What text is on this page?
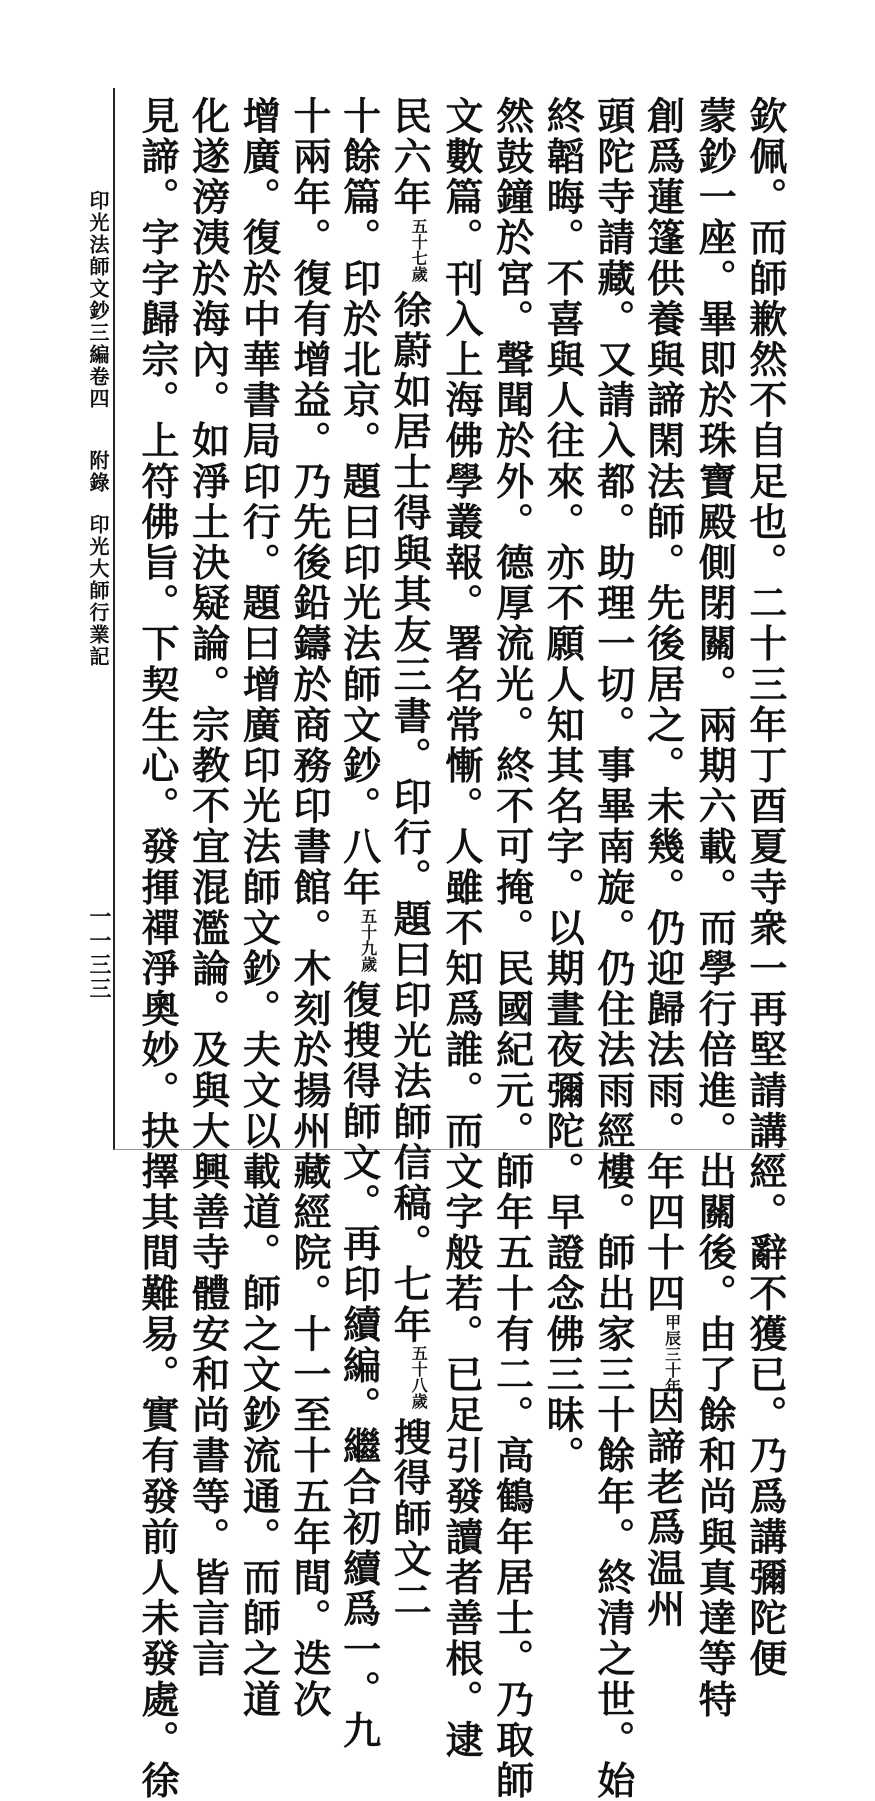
印光法師文鈔三編卷四附錄印光大師行業記
一一三三	欽佩。而師歉然不自足也。二十三年丁酉夏寺衆一再堅請講經。辭不獲已。乃爲講彌陀便
蒙鈔一座。畢即於珠寶殿側閉關。兩期六載。而學行倍進。出關後。由了餘和尚與真達等特
創爲蓮篷供養與諦閑法師。先後居之。未幾。仍迎歸法雨。年四十四甲辰三十年因諦老爲温州
頭陀寺請藏。又請入都。助理一切。事畢南旋。仍住法雨經樓。師出家三十餘年。終清之世。始
終韜晦。不喜與人往來。亦不願人知其名字。以期晝夜彌陀。早證念佛三昧。
然鼓鐘於宮。聲聞於外。德厚流光。終不可掩。民國紀元。師年五十有二。高鶴年居士。乃取師
文數篇。刊入上海佛學叢報。署名常慚。人雖不知爲誰。而文字般若。已足引發讀者善根。逮
民六年五十七歲徐蔚如居士得與其友三書。印行。題曰印光法師信稿。七年五十八歲搜得師文二
十餘篇。印於北京。題曰印光法師文鈔。八年五十九歲復搜得師文。再印續編。繼合初續爲一。九
十兩年。復有增益。乃先後鉛鑄於商務印書館。木刻於揚州藏經院。十一至十五年間。迭次
增廣。復於中華書局印行。題曰增廣印光法師文鈔。夫文以載道。師之文鈔流通。而師之道
化遂滂洟於海內。如淨土決疑論。宗教不宜混濫論。及與大興善寺體安和尚書等。皆言言
見諦。字字歸宗。上符佛旨。下契生心。發揮禪淨奧妙。抉擇其間難易。實有發前人未發處。徐
